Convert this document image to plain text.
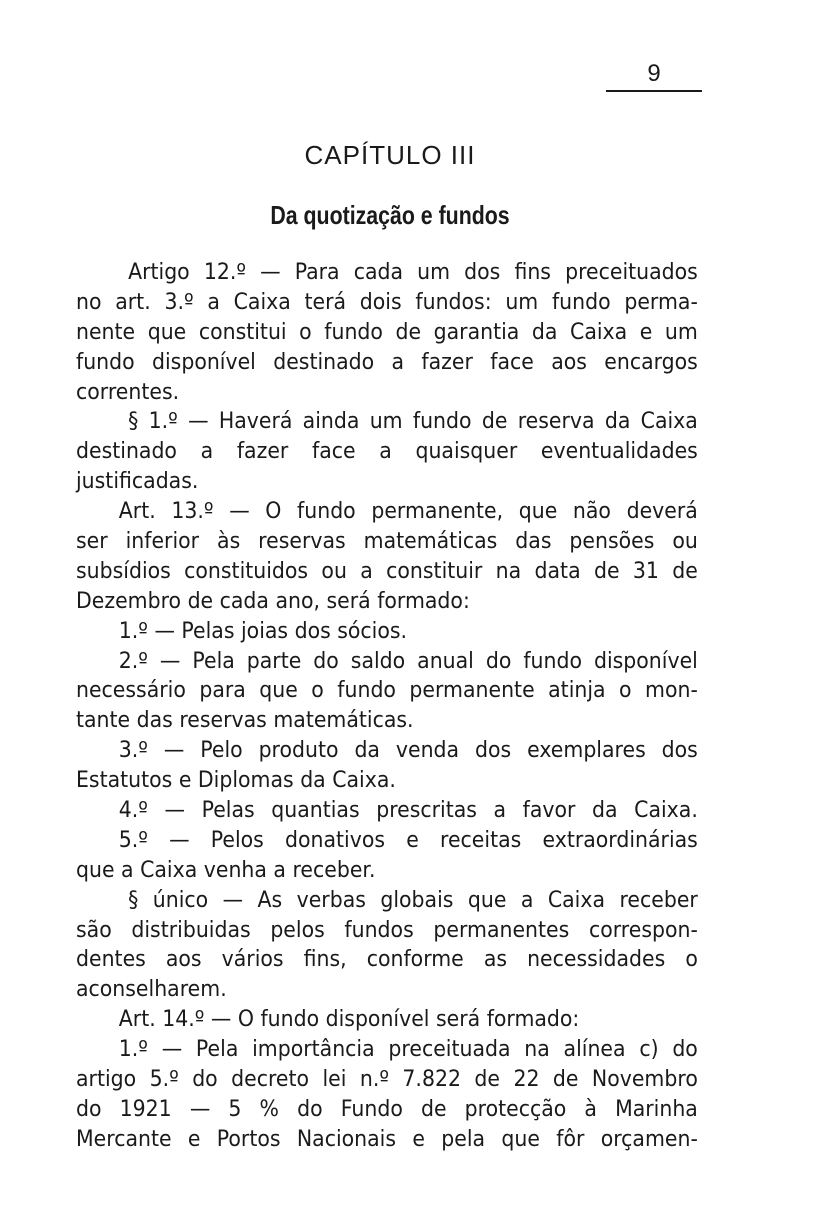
9
CAPÍTULO III
Da quotização e fundos
Artigo 12.º — Para cada um dos fins preceituados
no art. 3.º a Caixa terá dois fundos: um fundo perma-
nente que constitui o fundo de garantia da Caixa e um
fundo disponível destinado a fazer face aos encargos
correntes.
§ 1.º — Haverá ainda um fundo de reserva da Caixa
destinado a fazer face a quaisquer eventualidades
justificadas.
Art. 13.º — O fundo permanente, que não deverá
ser inferior às reservas matemáticas das pensões ou
subsídios constituidos ou a constituir na data de 31 de
Dezembro de cada ano, será formado:
1.º — Pelas joias dos sócios.
2.º — Pela parte do saldo anual do fundo disponível
necessário para que o fundo permanente atinja o mon-
tante das reservas matemáticas.
3.º — Pelo produto da venda dos exemplares dos
Estatutos e Diplomas da Caixa.
4.º — Pelas quantias prescritas a favor da Caixa.
5.º — Pelos donativos e receitas extraordinárias
que a Caixa venha a receber.
§ único — As verbas globais que a Caixa receber
são distribuidas pelos fundos permanentes correspon-
dentes aos vários fins, conforme as necessidades o
aconselharem.
Art. 14.º — O fundo disponível será formado:
1.º — Pela importância preceituada na alínea c) do
artigo 5.º do decreto lei n.º 7.822 de 22 de Novembro
do 1921 — 5 % do Fundo de protecção à Marinha
Mercante e Portos Nacionais e pela que fôr orçamen-
